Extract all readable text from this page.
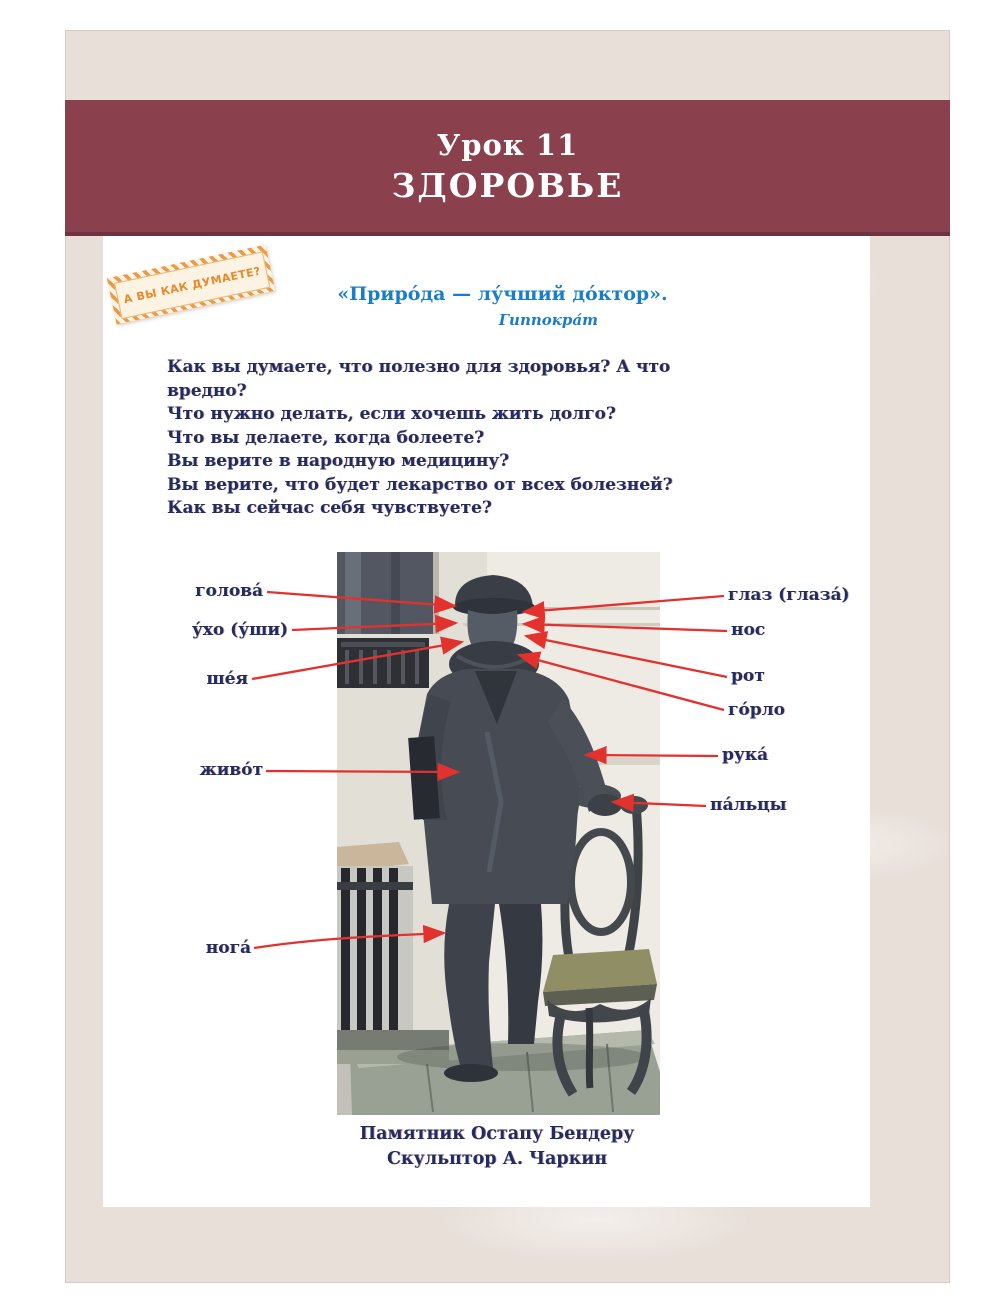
Урок 11
ЗДОРОВЬЕ
А ВЫ КАК ДУМАЕТЕ?	«Приро́да — лу́чший до́ктор».
Гиппокра́т
Как вы думаете, что полезно для здоровья? А что вредно?
Что нужно делать, если хочешь жить долго?
Что вы делаете, когда болеете?
Вы верите в народную медицину?
Вы верите, что будет лекарство от всех болезней?
Как вы сейчас себя чувствуете?
голова́
у́хо (у́ши)
ше́я
живо́т
нога́
глаз (глаза́)
нос
рот
го́рло
рука́
па́льцы
Памятник Остапу Бендеру
Скульптор А. Чаркин
